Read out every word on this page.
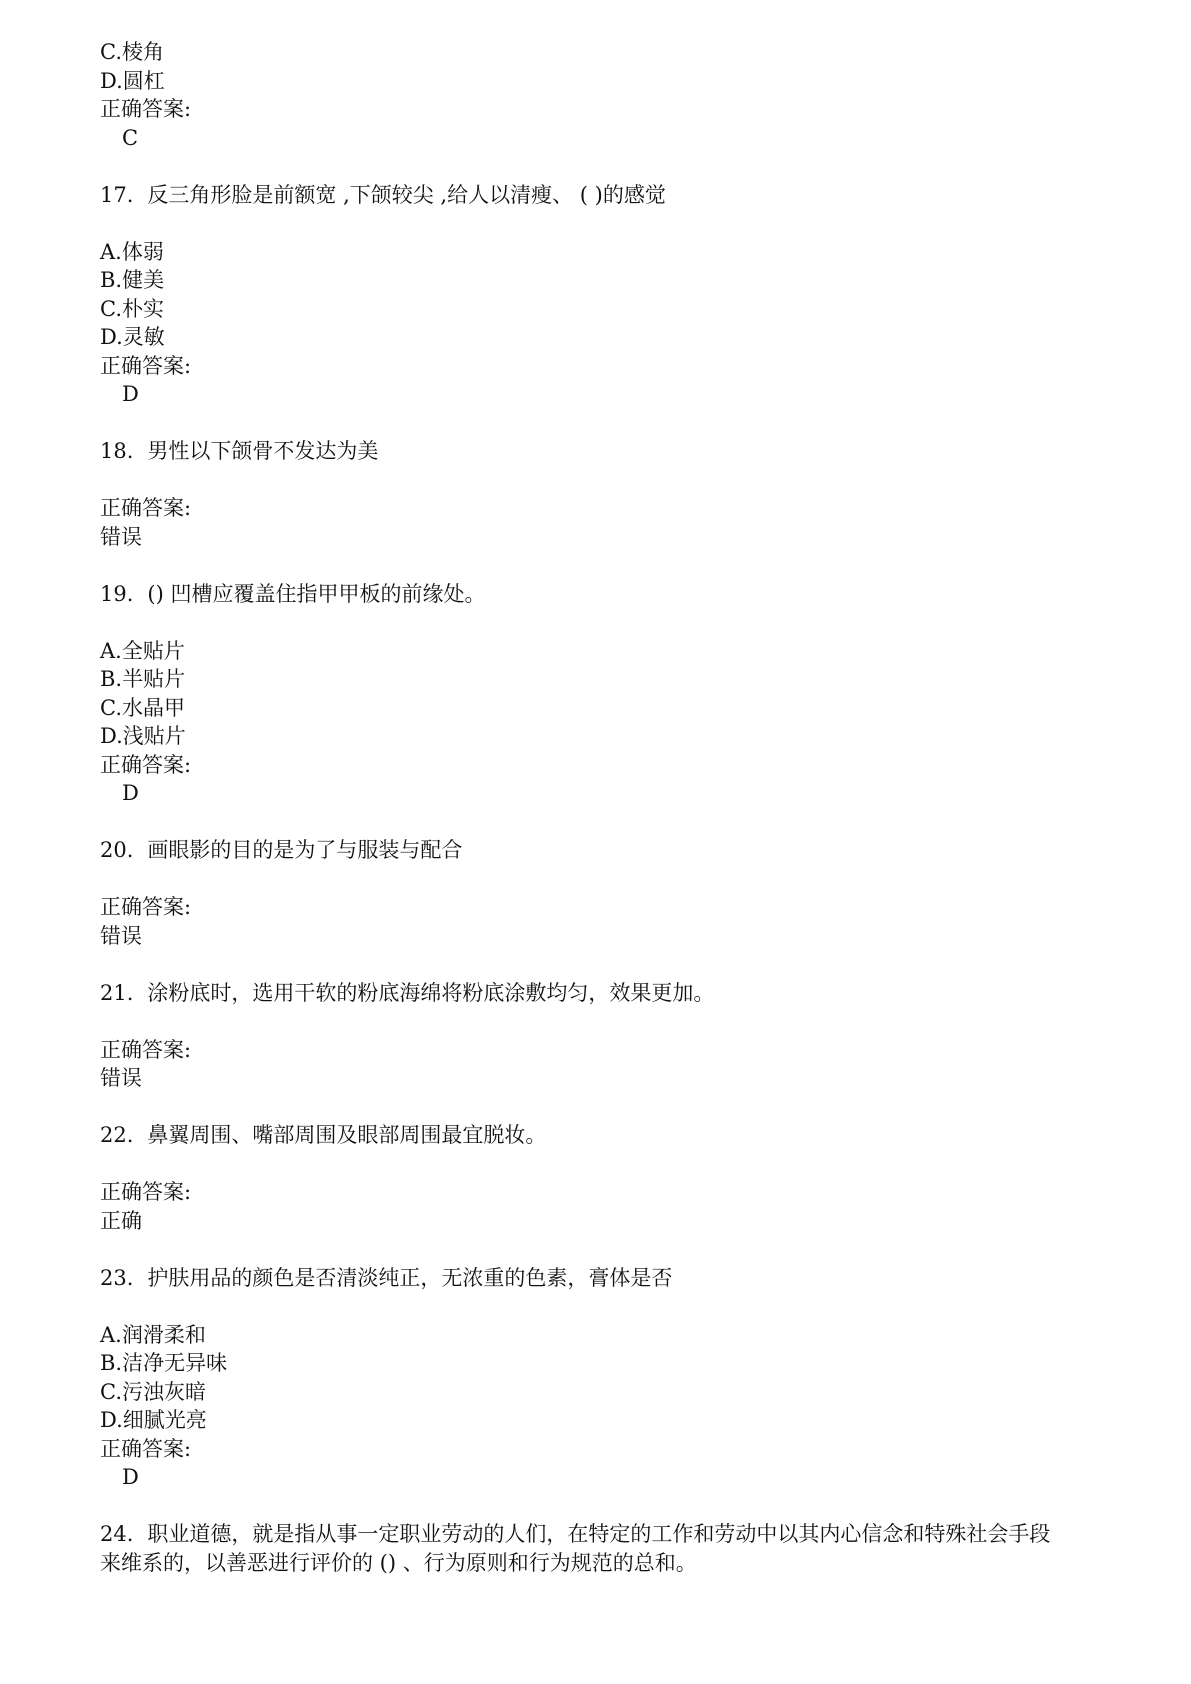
C.棱角
D.圆杠
正确答案:
C
17. 反三角形脸是前额宽 ,下颌较尖 ,给人以清瘦、 ( )的感觉
A.体弱
B.健美
C.朴实
D.灵敏
正确答案:
D
18. 男性以下颌骨不发达为美
正确答案:
错误
19. () 凹槽应覆盖住指甲甲板的前缘处。
A.全贴片
B.半贴片
C.水晶甲
D.浅贴片
正确答案:
D
20. 画眼影的目的是为了与服装与配合
正确答案:
错误
21. 涂粉底时，选用干软的粉底海绵将粉底涂敷均匀，效果更加。
正确答案:
错误
22. 鼻翼周围、嘴部周围及眼部周围最宜脱妆。
正确答案:
正确
23. 护肤用品的颜色是否清淡纯正，无浓重的色素，膏体是否
A.润滑柔和
B.洁净无异味
C.污浊灰暗
D.细腻光亮
正确答案:
D
24. 职业道德，就是指从事一定职业劳动的人们，在特定的工作和劳动中以其内心信念和特殊社会手段
来维系的，以善恶进行评价的 () 、行为原则和行为规范的总和。
